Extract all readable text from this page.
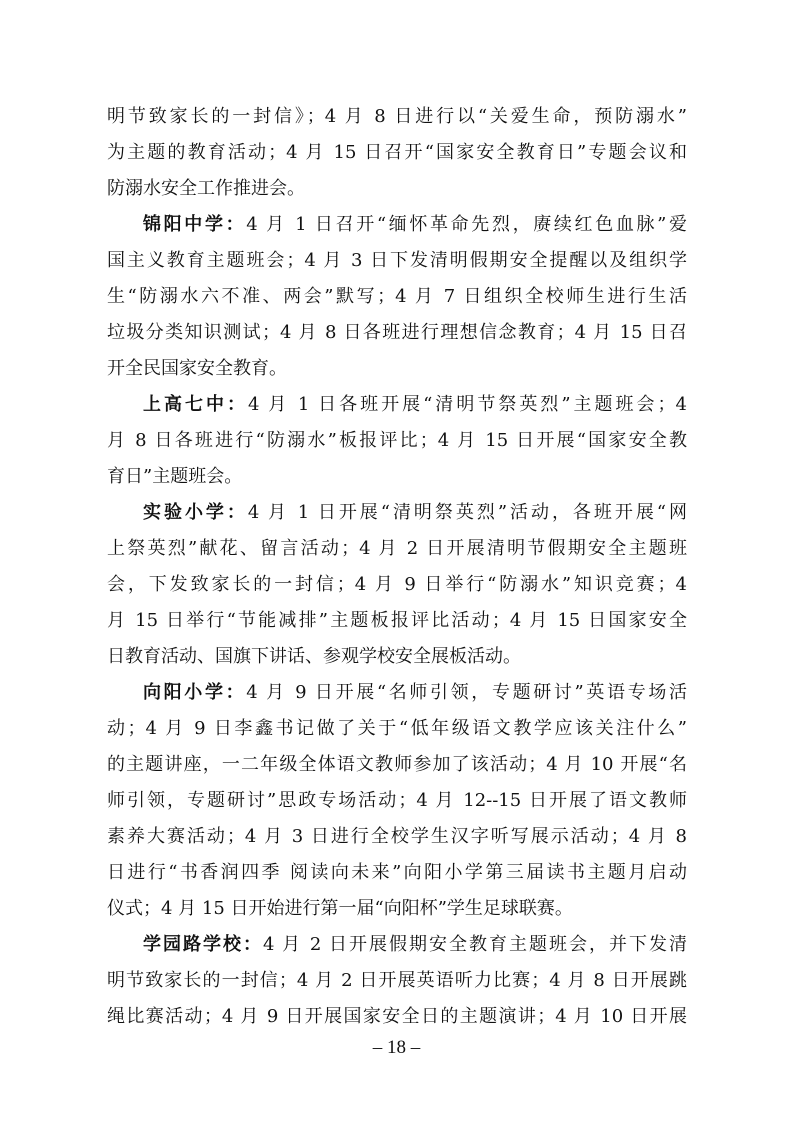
明节致家长的一封信》；4 月 8 日进行以“关爱生命，预防溺水”
为主题的教育活动；4 月 15 日召开“国家安全教育日”专题会议和
防溺水安全工作推进会。
锦阳中学：4 月 1 日召开“缅怀革命先烈，赓续红色血脉”爱
国主义教育主题班会；4 月 3 日下发清明假期安全提醒以及组织学
生“防溺水六不准、两会”默写；4 月 7 日组织全校师生进行生活
垃圾分类知识测试；4 月 8 日各班进行理想信念教育；4 月 15 日召
开全民国家安全教育。
上高七中：4 月 1 日各班开展“清明节祭英烈”主题班会；4
月 8 日各班进行“防溺水”板报评比；4 月 15 日开展“国家安全教
育日”主题班会。
实验小学：4 月 1 日开展“清明祭英烈”活动，各班开展“网
上祭英烈”献花、留言活动；4 月 2 日开展清明节假期安全主题班
会，下发致家长的一封信；4 月 9 日举行“防溺水”知识竞赛；4
月 15 日举行“节能减排”主题板报评比活动；4 月 15 日国家安全
日教育活动、国旗下讲话、参观学校安全展板活动。
向阳小学：4 月 9 日开展“名师引领，专题研讨”英语专场活
动；4 月 9 日李鑫书记做了关于“低年级语文教学应该关注什么”
的主题讲座，一二年级全体语文教师参加了该活动；4 月 10 开展“名
师引领，专题研讨”思政专场活动；4 月 12--15 日开展了语文教师
素养大赛活动；4 月 3 日进行全校学生汉字听写展示活动；4 月 8
日进行“书香润四季 阅读向未来”向阳小学第三届读书主题月启动
仪式；4 月 15 日开始进行第一届“向阳杯”学生足球联赛。
学园路学校：4 月 2 日开展假期安全教育主题班会，并下发清
明节致家长的一封信；4 月 2 日开展英语听力比赛；4 月 8 日开展跳
绳比赛活动；4 月 9 日开展国家安全日的主题演讲；4 月 10 日开展
– 18 –
